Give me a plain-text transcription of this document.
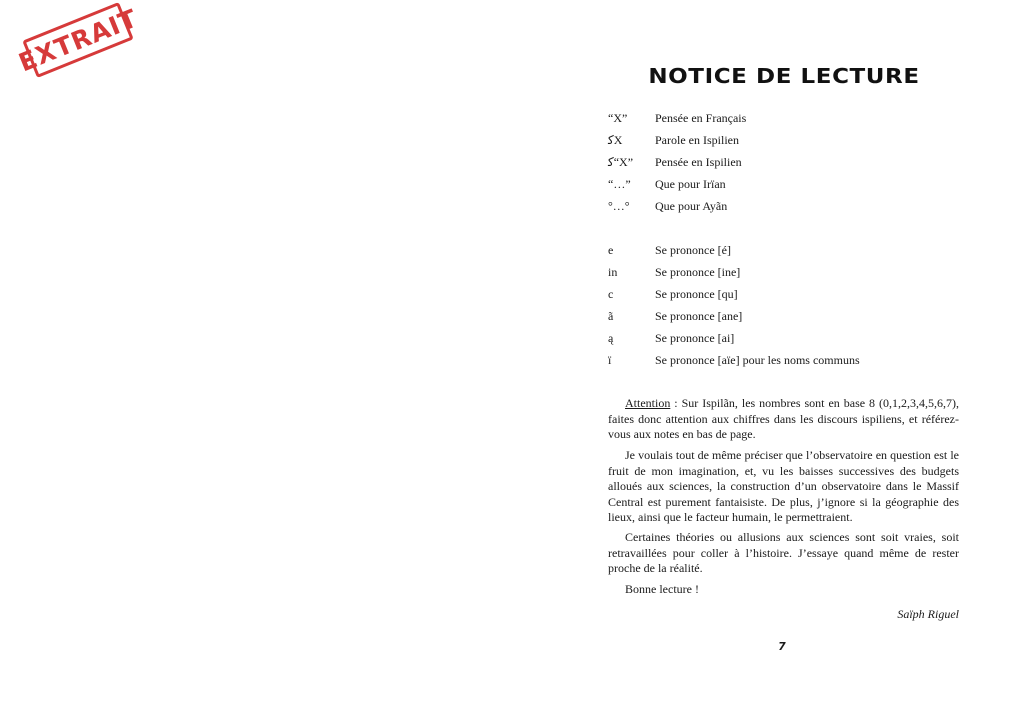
EXTRAIT	NOTICE DE LECTURE
“X”	Pensée en Français
ﮐX	Parole en Ispilien
ﮐ“X”	Pensée en Ispilien
“…”	Que pour Irïan
°…°	Que pour Ayãn
e	Se prononce [é]
in	Se prononce [ine]
c	Se prononce [qu]
ã	Se prononce [ane]
ą	Se prononce [ai]
ï	Se prononce [aïe] pour les noms communs
Attention : Sur Ispilãn, les nombres sont en base 8 (0,1,2,3,4,5,6,7), faites donc attention aux chiffres dans les discours ispiliens, et référez-vous aux notes en bas de page.
Je voulais tout de même préciser que l’observatoire en question est le fruit de mon imagination, et, vu les baisses successives des budgets alloués aux sciences, la construction d’un observatoire dans le Massif Central est purement fantaisiste. De plus, j’ignore si la géographie des lieux, ainsi que le facteur humain, le permettraient.
Certaines théories ou allusions aux sciences sont soit vraies, soit retravaillées pour coller à l’histoire. J’essaye quand même de rester proche de la réalité.
Bonne lecture !
Saïph Riguel
7
